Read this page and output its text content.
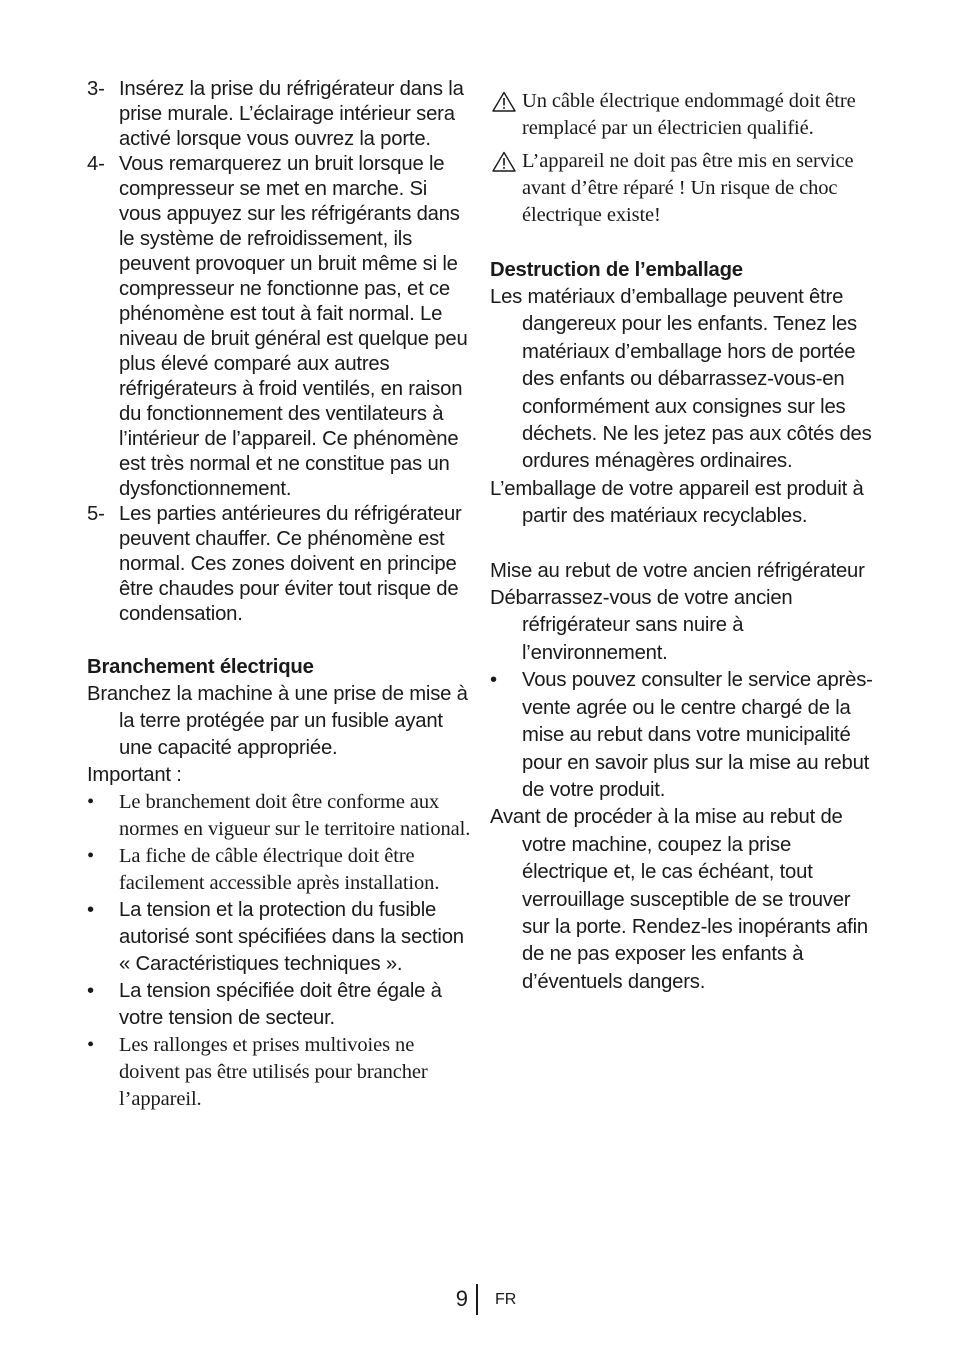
3- Insérez la prise du réfrigérateur dans la prise murale. L’éclairage intérieur sera activé lorsque vous ouvrez la porte.
4- Vous remarquerez un bruit lorsque le compresseur se met en marche. Si vous appuyez sur les réfrigérants dans le système de refroidissement, ils peuvent provoquer un bruit même si le compresseur ne fonctionne pas, et ce phénomène est tout à fait normal. Le niveau de bruit général est quelque peu plus élevé comparé aux autres réfrigérateurs à froid ventilés, en raison du fonctionnement des ventilateurs à l’intérieur de l’appareil. Ce phénomène est très normal et ne constitue pas un dysfonctionnement.
5- Les parties antérieures du réfrigérateur peuvent chauffer. Ce phénomène est normal. Ces zones doivent en principe être chaudes pour éviter tout risque de condensation.
Branchement électrique
Branchez la machine à une prise de mise à la terre protégée par un fusible ayant une capacité appropriée.
Important :
• Le branchement doit être conforme aux normes en vigueur sur le territoire national.
• La fiche de câble électrique doit être facilement accessible après installation.
• La tension et la protection du fusible autorisé sont spécifiées dans la section « Caractéristiques techniques ».
• La tension spécifiée doit être égale à votre tension de secteur.
• Les rallonges et prises multivoies ne doivent pas être utilisés pour brancher l’appareil.
Un câble électrique endommagé doit être remplacé par un électricien qualifié.
L’appareil ne doit pas être mis en service avant d’être réparé ! Un risque de choc électrique existe!
Destruction de l’emballage
Les matériaux d’emballage peuvent être dangereux pour les enfants. Tenez les matériaux d’emballage hors de portée des enfants ou débarrassez-vous-en conformément aux consignes sur les déchets. Ne les jetez pas aux côtés des ordures ménagères ordinaires.
L’emballage de votre appareil est produit à partir des matériaux recyclables.
Mise au rebut de votre ancien réfrigérateur
Débarrassez-vous de votre ancien réfrigérateur sans nuire à l’environnement.
• Vous pouvez consulter le service après-vente agrée ou le centre chargé de la mise au rebut dans votre municipalité pour en savoir plus sur la mise au rebut de votre produit.
Avant de procéder à la mise au rebut de votre machine, coupez la prise électrique et, le cas échéant, tout verrouillage susceptible de se trouver sur la porte. Rendez-les inopérants afin de ne pas exposer les enfants à d’éventuels dangers.
9 FR
